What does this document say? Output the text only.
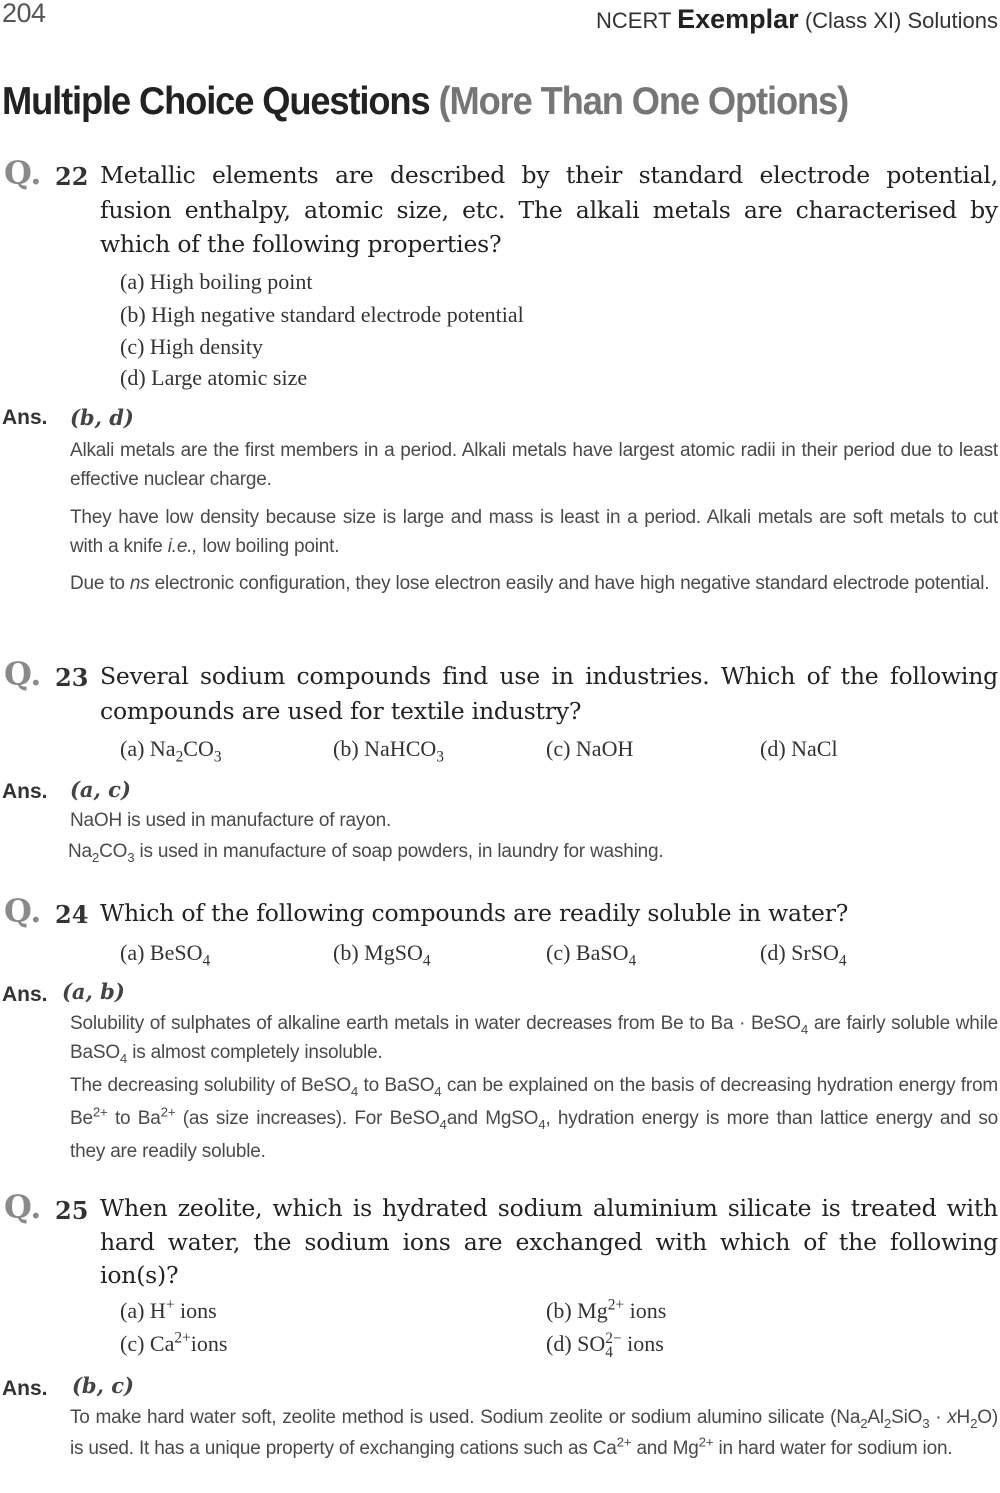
204	NCERT Exemplar (Class XI) Solutions
Multiple Choice Questions (More Than One Options)
Q. 22 Metallic elements are described by their standard electrode potential, fusion enthalpy, atomic size, etc. The alkali metals are characterised by which of the following properties?

(a) High boiling point
(b) High negative standard electrode potential
(c) High density
(d) Large atomic size
Ans. (b, d)

Alkali metals are the first members in a period. Alkali metals have largest atomic radii in their period due to least effective nuclear charge.

They have low density because size is large and mass is least in a period. Alkali metals are soft metals to cut with a knife i.e., low boiling point.

Due to ns electronic configuration, they lose electron easily and have high negative standard electrode potential.

Q. 23 Several sodium compounds find use in industries. Which of the following compounds are used for textile industry?

(a) $Na_2CO_3$	(b) NaHCO$_3$	(c) NaOH	(d) NaCl
Ans. (a, c)

NaOH is used in manufacture of rayon.

$Na_2CO_3$ is used in manufacture of soap powders, in laundry for washing.

Q. 24 Which of the following compounds are readily soluble in water?

(a) BeSO$_4$	(b) MgSO$_4$	(c) BaSO$_4$	(d) SrSO$_4$
Ans. (a, b)

Solubility of sulphates of alkaline earth metals in water decreases from Be to Ba · BeSO$_4$ are fairly soluble while BaSO$_4$ is almost completely insoluble.

The decreasing solubility of BeSO$_4$ to BaSO$_4$ can be explained on the basis of decreasing hydration energy from $Be^{2+}$ to $Ba^{2+}$ (as size increases). For BeSO$_4$and MgSO$_4$, hydration energy is more than lattice energy and so they are readily soluble.

Q. 25 When zeolite, which is hydrated sodium aluminium silicate is treated with hard water, the sodium ions are exchanged with which of the following ion(s)?

(a) H+ ions	(b) $Mg^{2+}$ ions
(c) $Ca^{2+}ions$	(d) SO 2−
4 ions
Ans. (b, c)

To make hard water soft, zeolite method is used. Sodium zeolite or sodium alumino silicate $(Na_2Al_2SiO_3 \cdot xH_2O)$ is used. It has a unique property of exchanging cations such as $Ca^{2+}$ and $Mg^{2+}$ in hard water for sodium ion.
